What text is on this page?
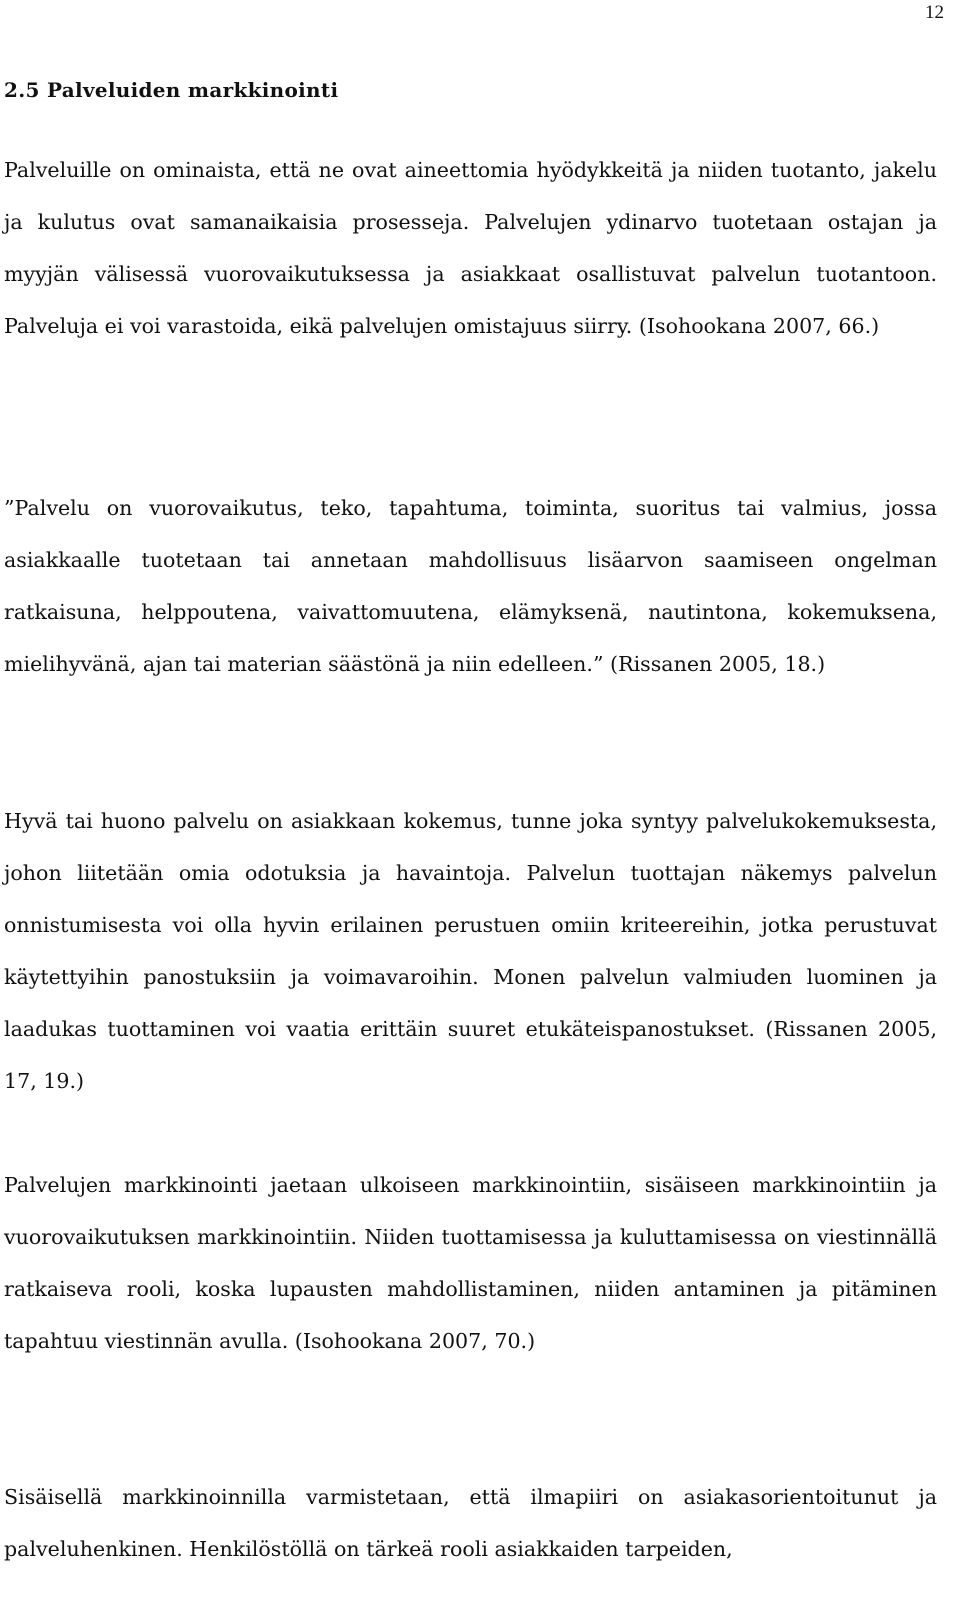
12
2.5 Palveluiden markkinointi

Palveluille on ominaista, että ne ovat aineettomia hyödykkeitä ja niiden tuotanto, jakelu ja kulutus ovat samanaikaisia prosesseja. Palvelujen ydinarvo tuotetaan ostajan ja myyjän välisessä vuorovaikutuksessa ja asiakkaat osallistuvat palvelun tuotantoon. Palveluja ei voi varastoida, eikä palvelujen omistajuus siirry. (Isohookana 2007, 66.)

”Palvelu on vuorovaikutus, teko, tapahtuma, toiminta, suoritus tai valmius, jossa asiakkaalle tuotetaan tai annetaan mahdollisuus lisäarvon saamiseen ongelman ratkaisuna, helppoutena, vaivattomuutena, elämyksenä, nautintona, kokemuksena, mielihyvänä, ajan tai materian säästönä ja niin edelleen.” (Rissanen 2005, 18.)

Hyvä tai huono palvelu on asiakkaan kokemus, tunne joka syntyy palvelukokemuksesta, johon liitetään omia odotuksia ja havaintoja. Palvelun tuottajan näkemys palvelun onnistumisesta voi olla hyvin erilainen perustuen omiin kriteereihin, jotka perustuvat käytettyihin panostuksiin ja voimavaroihin. Monen palvelun valmiuden luominen ja laadukas tuottaminen voi vaatia erittäin suuret etukäteispanostukset. (Rissanen 2005, 17, 19.)

Palvelujen markkinointi jaetaan ulkoiseen markkinointiin, sisäiseen markkinointiin ja vuorovaikutuksen markkinointiin. Niiden tuottamisessa ja kuluttamisessa on viestinnällä ratkaiseva rooli, koska lupausten mahdollistaminen, niiden antaminen ja pitäminen tapahtuu viestinnän avulla. (Isohookana 2007, 70.)

Sisäisellä markkinoinnilla varmistetaan, että ilmapiiri on asiakasorientoitunut ja palveluhenkinen. Henkilöstöllä on tärkeä rooli asiakkaiden tarpeiden,
